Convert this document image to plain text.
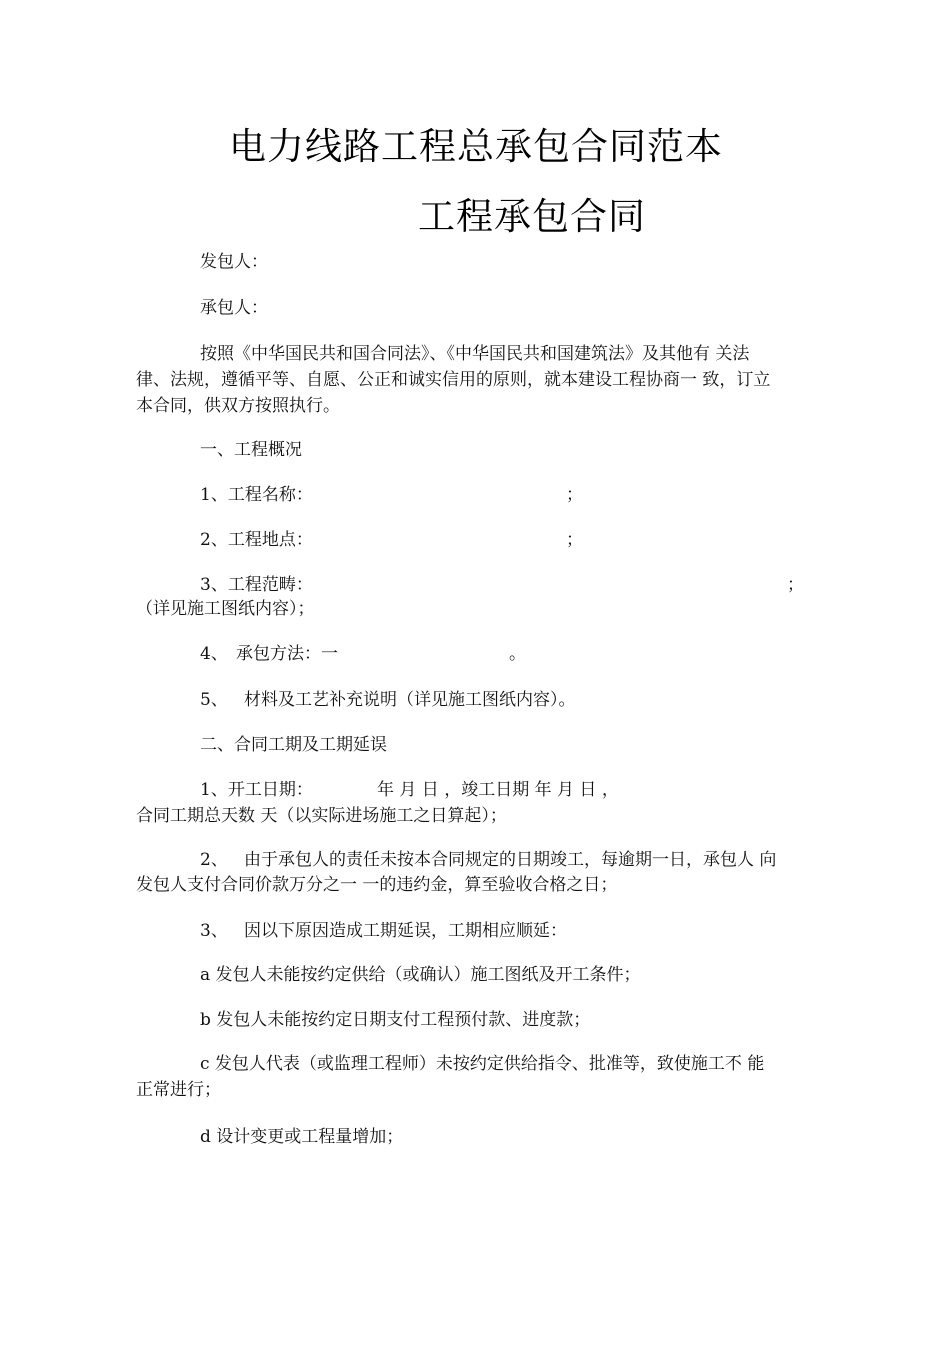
电力线路工程总承包合同范本
工程承包合同
发包人：
承包人：
按照《中华国民共和国合同法》、《中华国民共和国建筑法》及其他有 关法
律、法规，遵循平等、自愿、公正和诚实信用的原则，就本建设工程协商一 致，订立
本合同，供双方按照执行。
一、工程概况
1、工程名称：	；
2、工程地点：	；
3、工程范畴：	；
（详见施工图纸内容）；
4、 承包方法：一	。
5、 材料及工艺补充说明（详见施工图纸内容）。
二、合同工期及工期延误
1、开工日期：	年 月 日 ，竣工日期 年 月 日 ，
合同工期总天数 天（以实际进场施工之日算起）；
2、 由于承包人的责任未按本合同规定的日期竣工，每逾期一日，承包人 向
发包人支付合同价款万分之一 一的违约金，算至验收合格之日；
3、 因以下原因造成工期延误，工期相应顺延：
a 发包人未能按约定供给（或确认）施工图纸及开工条件；
b 发包人未能按约定日期支付工程预付款、进度款；
c 发包人代表（或监理工程师）未按约定供给指令、批准等，致使施工不 能
正常进行；
d 设计变更或工程量增加；
